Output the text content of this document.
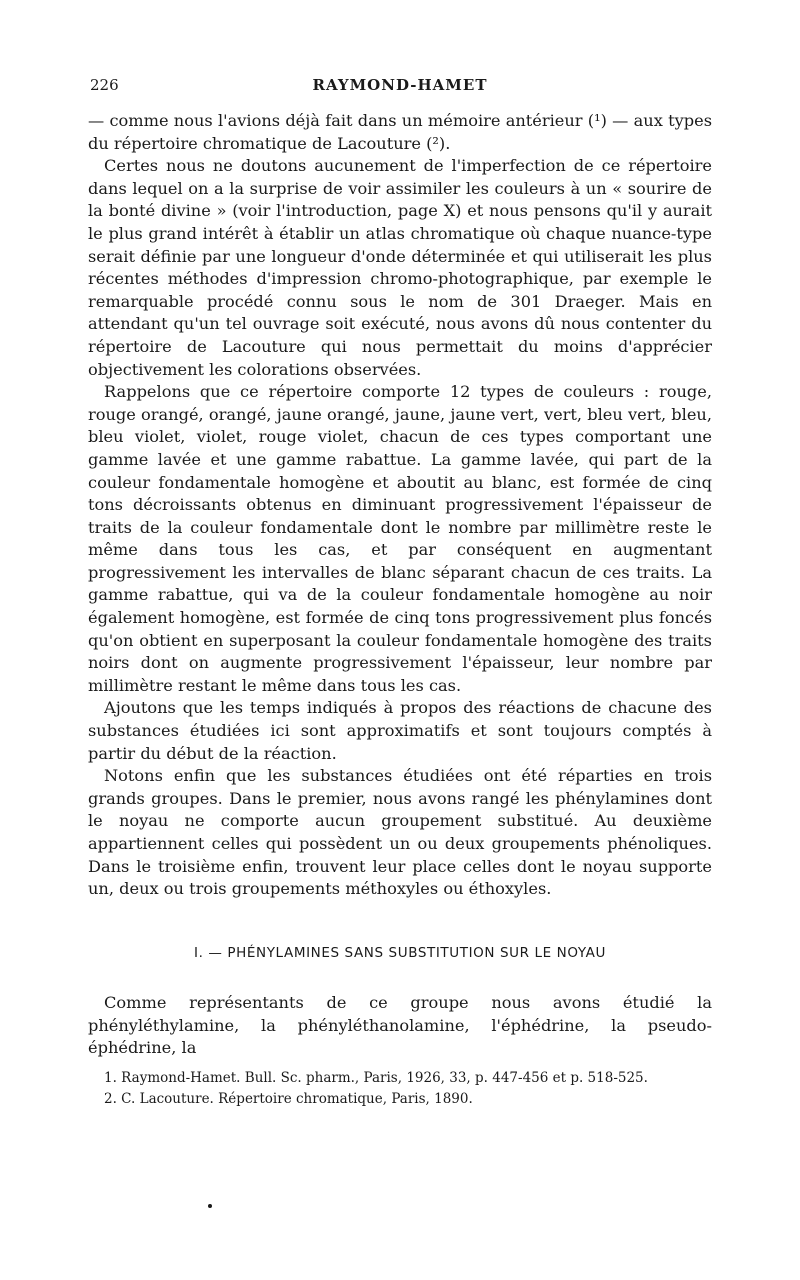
226	RAYMOND-HAMET

— comme nous l'avions déjà fait dans un mémoire antérieur (¹) — aux types du répertoire chromatique de Lacouture (²).

Certes nous ne doutons aucunement de l'imperfection de ce répertoire dans lequel on a la surprise de voir assimiler les couleurs à un « sourire de la bonté divine » (voir l'introduction, page X) et nous pensons qu'il y aurait le plus grand intérêt à établir un atlas chromatique où chaque nuance-type serait définie par une longueur d'onde déterminée et qui utiliserait les plus récentes méthodes d'impression chromo-photographique, par exemple le remarquable procédé connu sous le nom de 301 Draeger. Mais en attendant qu'un tel ouvrage soit exécuté, nous avons dû nous contenter du répertoire de Lacouture qui nous permettait du moins d'apprécier objectivement les colorations observées.

Rappelons que ce répertoire comporte 12 types de couleurs : rouge, rouge orangé, orangé, jaune orangé, jaune, jaune vert, vert, bleu vert, bleu, bleu violet, violet, rouge violet, chacun de ces types comportant une gamme lavée et une gamme rabattue. La gamme lavée, qui part de la couleur fondamentale homogène et aboutit au blanc, est formée de cinq tons décroissants obtenus en diminuant progressivement l'épaisseur de traits de la couleur fondamentale dont le nombre par millimètre reste le même dans tous les cas, et par conséquent en augmentant progressivement les intervalles de blanc séparant chacun de ces traits. La gamme rabattue, qui va de la couleur fondamentale homogène au noir également homogène, est formée de cinq tons progressivement plus foncés qu'on obtient en superposant la couleur fondamentale homogène des traits noirs dont on augmente progressivement l'épaisseur, leur nombre par millimètre restant le même dans tous les cas.

Ajoutons que les temps indiqués à propos des réactions de chacune des substances étudiées ici sont approximatifs et sont toujours comptés à partir du début de la réaction.

Notons enfin que les substances étudiées ont été réparties en trois grands groupes. Dans le premier, nous avons rangé les phénylamines dont le noyau ne comporte aucun groupement substitué. Au deuxième appartiennent celles qui possèdent un ou deux groupements phénoliques. Dans le troisième enfin, trouvent leur place celles dont le noyau supporte un, deux ou trois groupements méthoxyles ou éthoxyles.

I. — PHÉNYLAMINES SANS SUBSTITUTION SUR LE NOYAU

Comme représentants de ce groupe nous avons étudié la phényléthylamine, la phényléthanolamine, l'éphédrine, la pseudo-éphédrine, la

1. Raymond-Hamet. Bull. Sc. pharm., Paris, 1926, 33, p. 447-456 et p. 518-525.

2. C. Lacouture. Répertoire chromatique, Paris, 1890.
